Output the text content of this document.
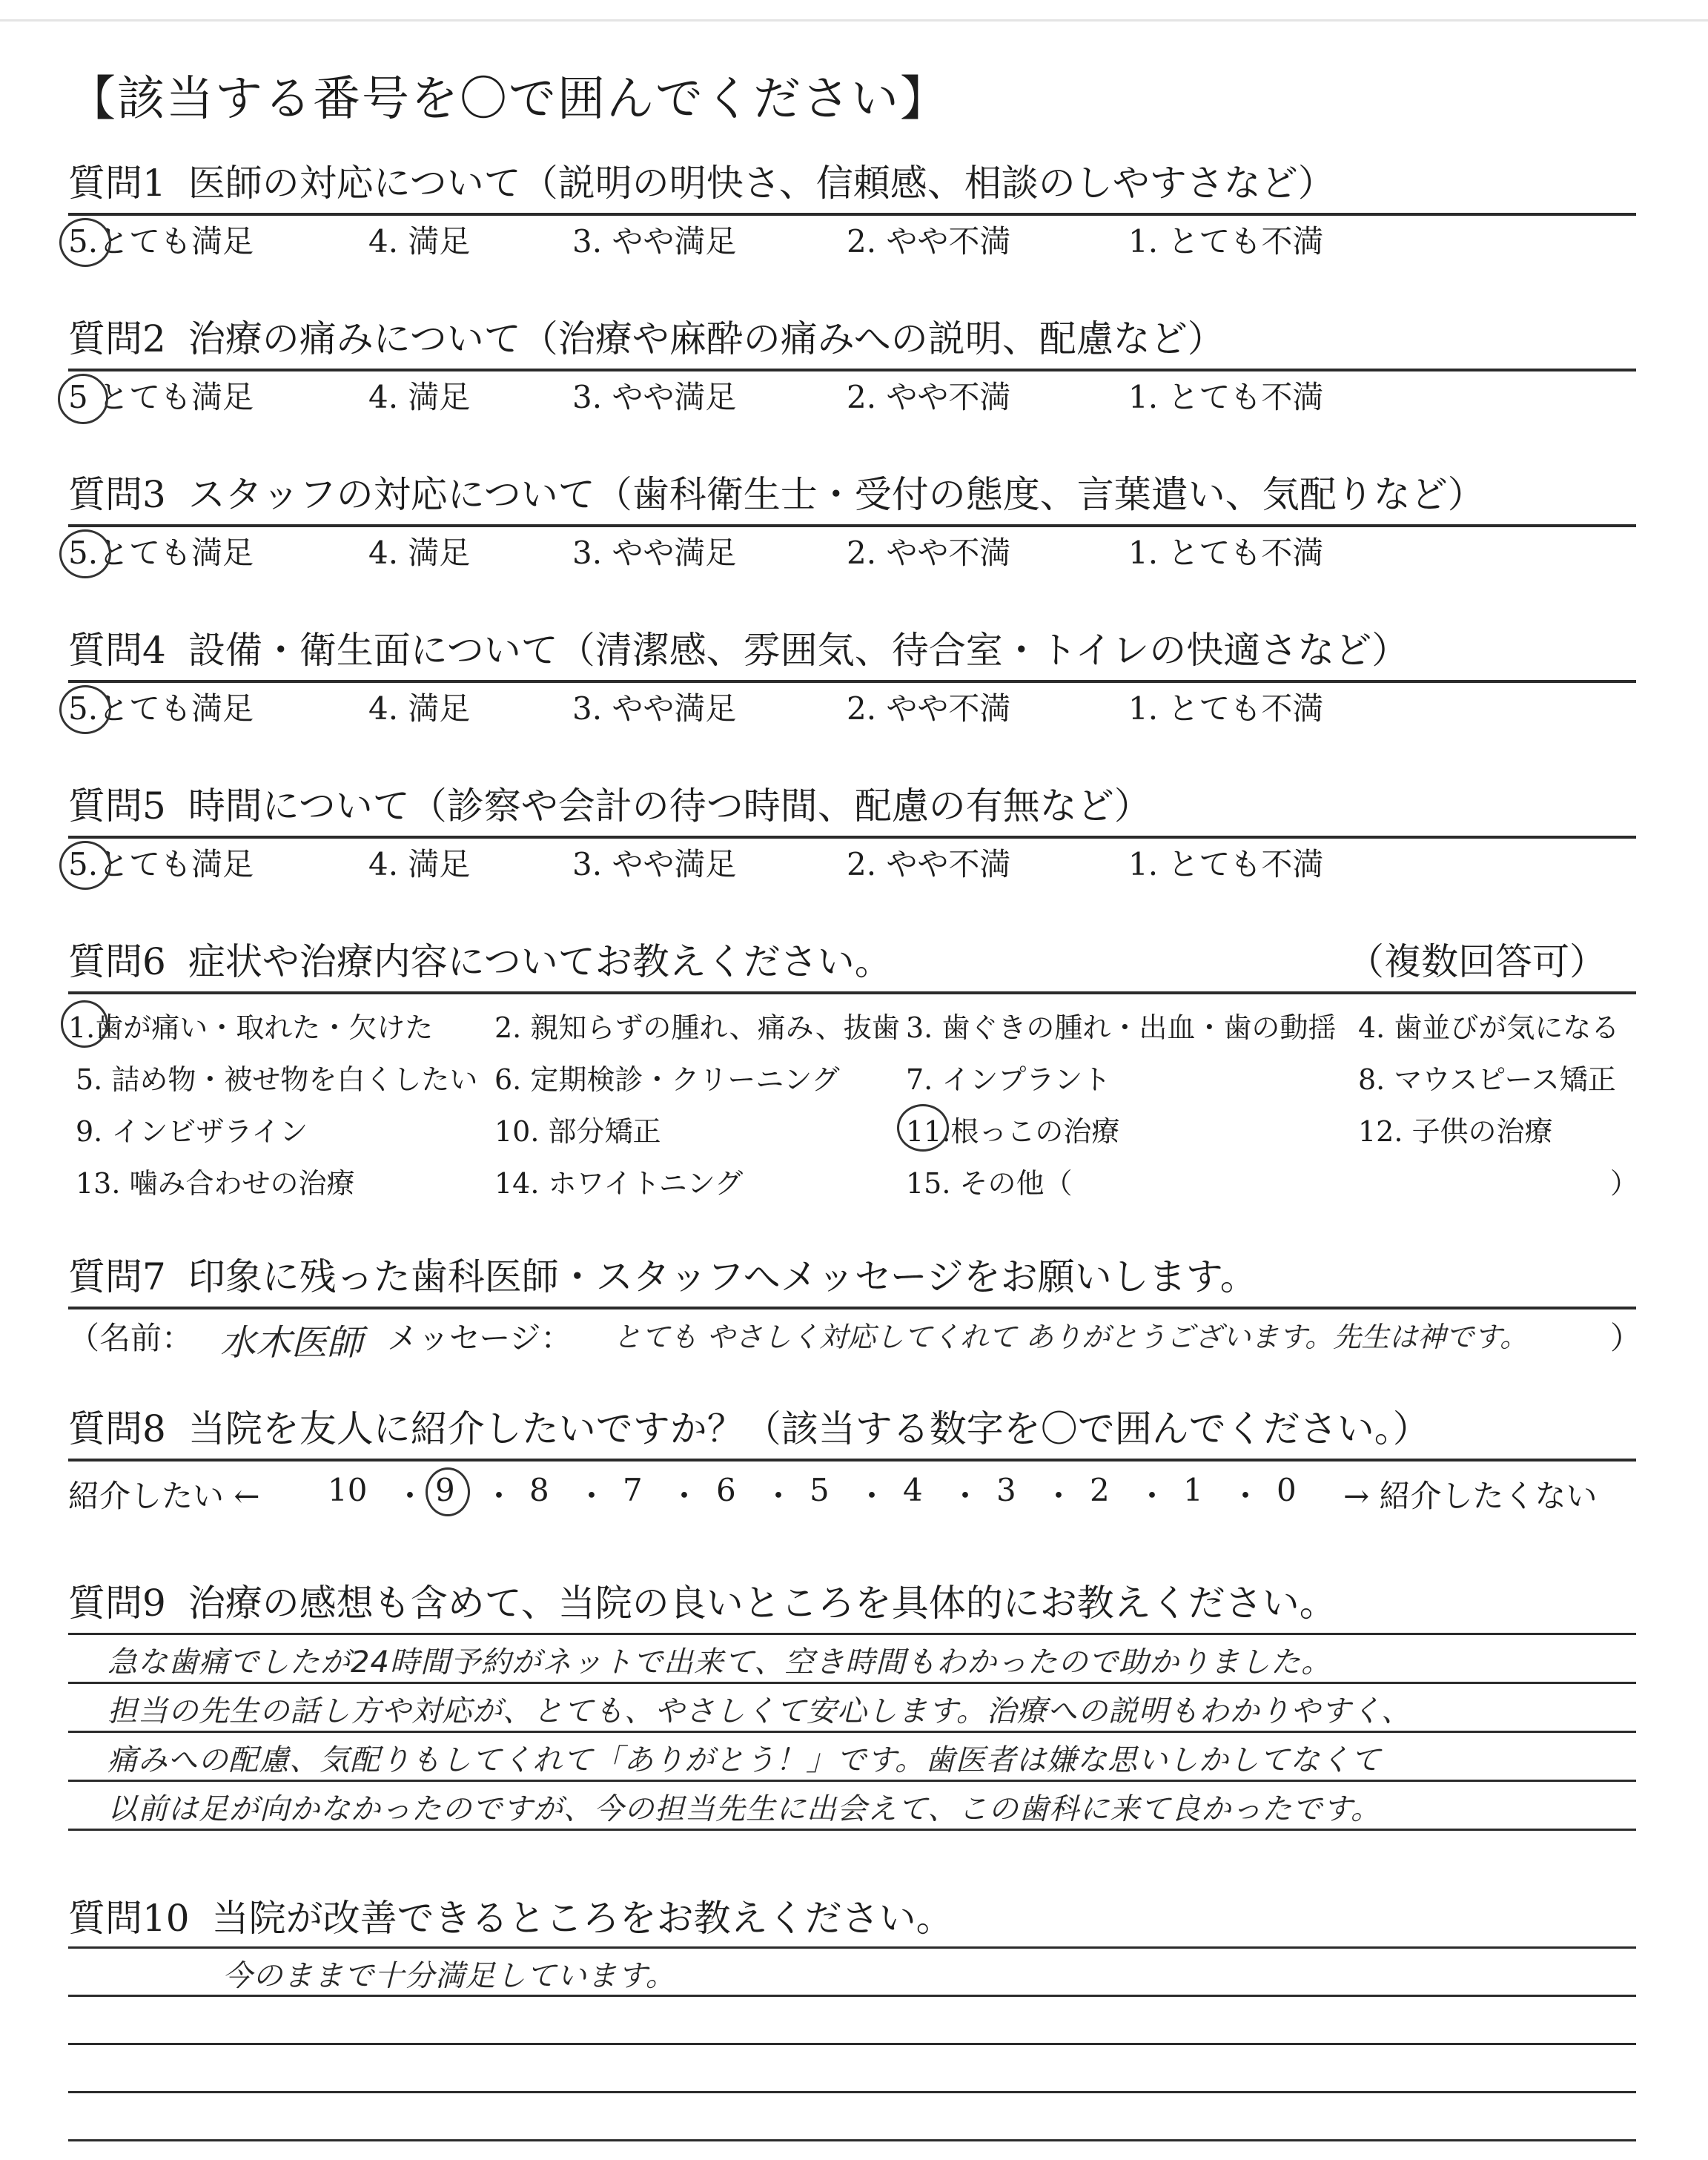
【該当する番号を〇で囲んでください】
質問1 医師の対応について（説明の明快さ、信頼感、相談のしやすさなど）
5.とても満足	4. 満足	3. やや満足	2. やや不満	1. とても不満
質問2 治療の痛みについて（治療や麻酔の痛みへの説明、配慮など）
5 とても満足	4. 満足	3. やや満足	2. やや不満	1. とても不満
質問3 スタッフの対応について（歯科衛生士・受付の態度、言葉遣い、気配りなど）
5.とても満足	4. 満足	3. やや満足	2. やや不満	1. とても不満
質問4 設備・衛生面について（清潔感、雰囲気、待合室・トイレの快適さなど）
5.とても満足	4. 満足	3. やや満足	2. やや不満	1. とても不満
質問5 時間について（診察や会計の待つ時間、配慮の有無など）
5.とても満足	4. 満足	3. やや満足	2. やや不満	1. とても不満
質問6 症状や治療内容についてお教えください。	（複数回答可）
1.歯が痛い・取れた・欠けた 2. 親知らずの腫れ、痛み、抜歯 3. 歯ぐきの腫れ・出血・歯の動揺 4. 歯並びが気になる
5. 詰め物・被せ物を白くしたい 6. 定期検診・クリーニング 7. インプラント	8. マウスピース矯正
9. インビザライン	10. 部分矯正	11.根っこの治療	12. 子供の治療
13. 噛み合わせの治療	14. ホワイトニング	15. その他（	）
質問7 印象に残った歯科医師・スタッフへメッセージをお願いします。
（名前： 水木医師 メッセージ： とても やさしく対応してくれて ありがとうございます。先生は神です。	）
質問8 当院を友人に紹介したいですか？（該当する数字を〇で囲んでください。）
紹介したい ← 10 ・ 9 ・ 8 ・ 7 ・ 6 ・ 5 ・ 4 ・ 3 ・ 2 ・ 1 ・ 0 → 紹介したくない
質問9 治療の感想も含めて、当院の良いところを具体的にお教えください。
急な歯痛でしたが24時間予約がネットで出来て、空き時間もわかったので助かりました。
担当の先生の話し方や対応が、とても、やさしくて安心します。治療への説明もわかりやすく、
痛みへの配慮、気配りもしてくれて「ありがとう！」です。歯医者は嫌な思いしかしてなくて
以前は足が向かなかったのですが、今の担当先生に出会えて、この歯科に来て良かったです。
質問10 当院が改善できるところをお教えください。
今のままで十分満足しています。
